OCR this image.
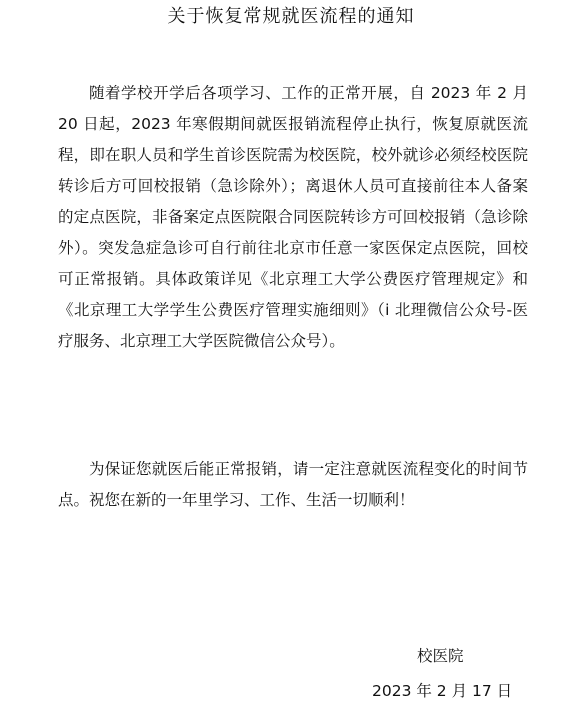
关于恢复常规就医流程的通知

随着学校开学后各项学习、工作的正常开展，自 2023 年 2 月 20 日起，2023 年寒假期间就医报销流程停止执行，恢复原就医流程，即在职人员和学生首诊医院需为校医院，校外就诊必须经校医院转诊后方可回校报销（急诊除外）；离退休人员可直接前往本人备案的定点医院，非备案定点医院限合同医院转诊方可回校报销（急诊除外）。突发急症急诊可自行前往北京市任意一家医保定点医院，回校可正常报销。具体政策详见《北京理工大学公费医疗管理规定》和《北京理工大学学生公费医疗管理实施细则》（i 北理微信公众号-医疗服务、北京理工大学医院微信公众号）。

为保证您就医后能正常报销，请一定注意就医流程变化的时间节点。祝您在新的一年里学习、工作、生活一切顺利！

校医院
2023 年 2 月 17 日
